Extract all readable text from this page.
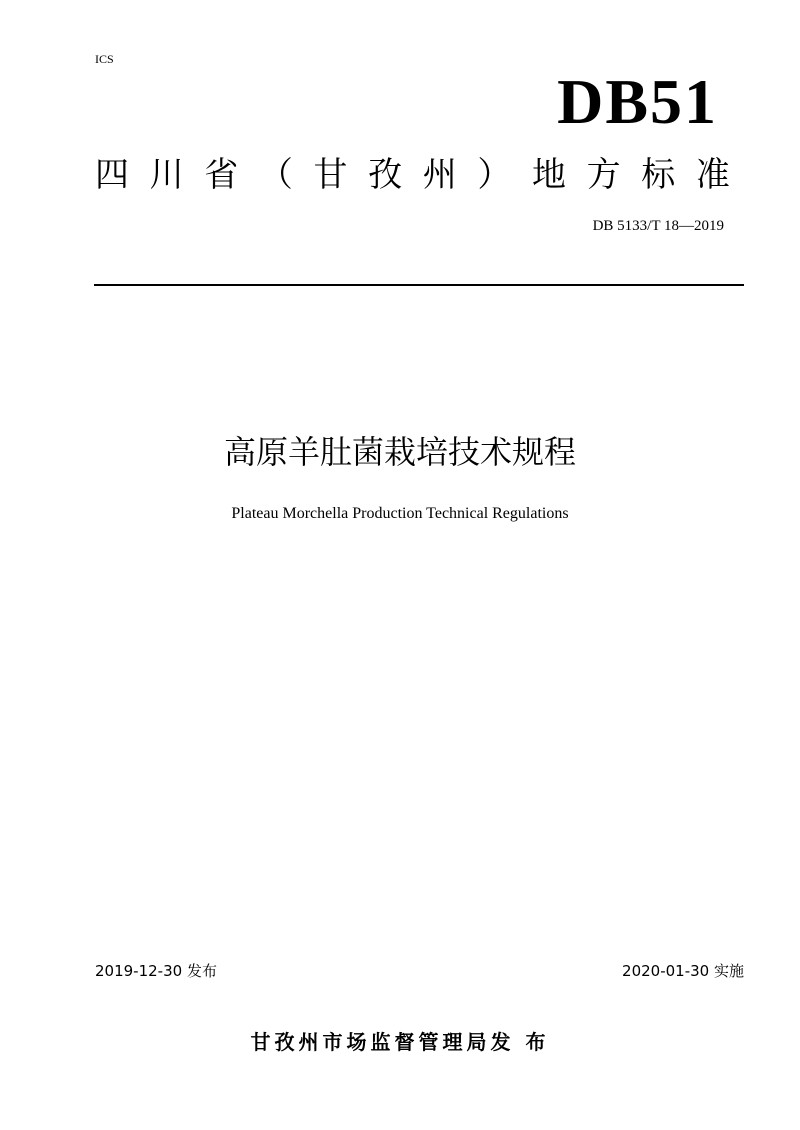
ICS
DB51
四 川 省 （ 甘 孜 州 ） 地 方 标 准
DB 5133/T 18—2019
高原羊肚菌栽培技术规程
Plateau Morchella Production Technical Regulations
2019-12-30 发布	2020-01-30 实施
甘孜州市场监督管理局发 布
